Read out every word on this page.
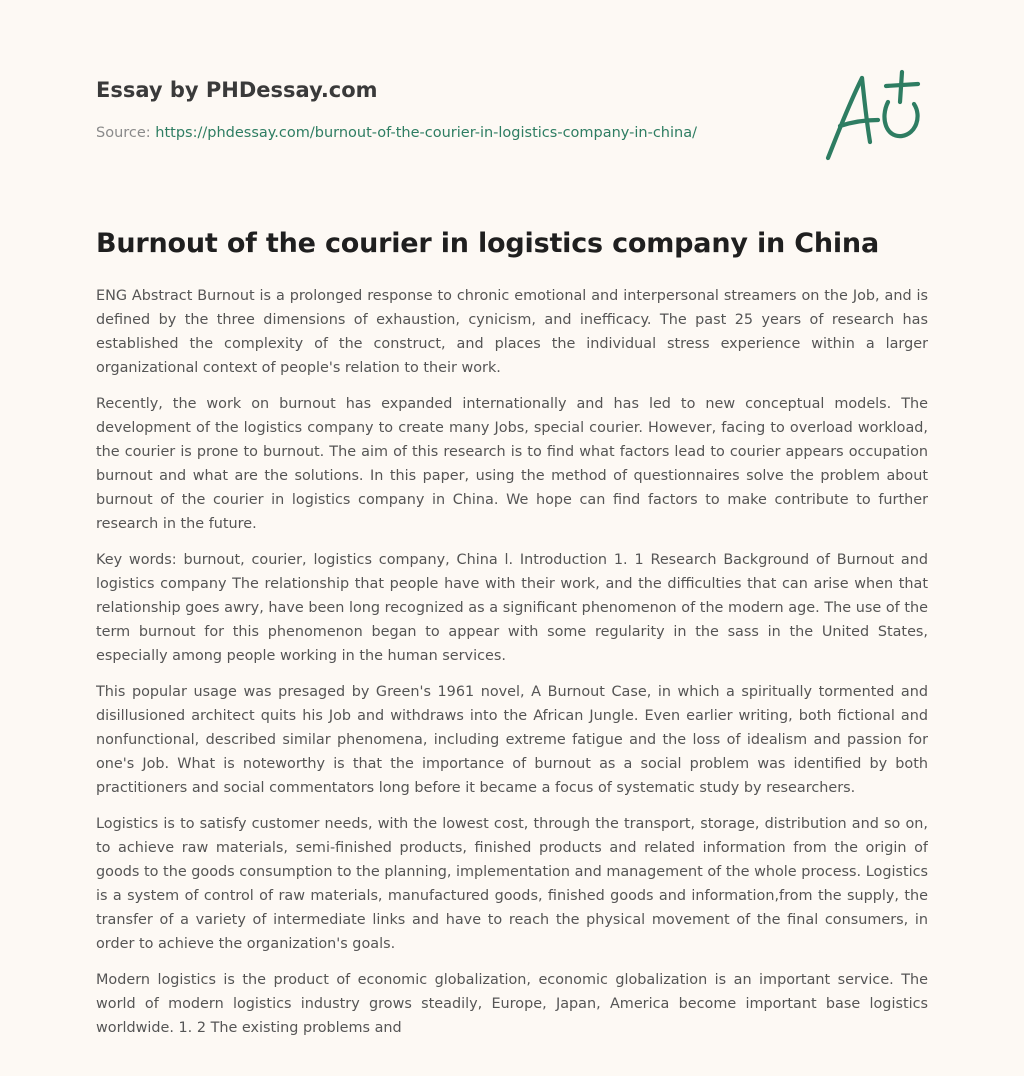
Essay by PHDessay.com
Source: https://phdessay.com/burnout-of-the-courier-in-logistics-company-in-china/
Burnout of the courier in logistics company in China

ENG Abstract Burnout is a prolonged response to chronic emotional and interpersonal streamers on the Job, and is defined by the three dimensions of exhaustion, cynicism, and inefficacy. The past 25 years of research has established the complexity of the construct, and places the individual stress experience within a larger organizational context of people's relation to their work.

Recently, the work on burnout has expanded internationally and has led to new conceptual models. The development of the logistics company to create many Jobs, special courier. However, facing to overload workload, the courier is prone to burnout. The aim of this research is to find what factors lead to courier appears occupation burnout and what are the solutions. In this paper, using the method of questionnaires solve the problem about burnout of the courier in logistics company in China. We hope can find factors to make contribute to further research in the future.

Key words: burnout, courier, logistics company, China l. Introduction 1. 1 Research Background of Burnout and logistics company The relationship that people have with their work, and the difficulties that can arise when that relationship goes awry, have been long recognized as a significant phenomenon of the modern age. The use of the term burnout for this phenomenon began to appear with some regularity in the sass in the United States, especially among people working in the human services.

This popular usage was presaged by Green's 1961 novel, A Burnout Case, in which a spiritually tormented and disillusioned architect quits his Job and withdraws into the African Jungle. Even earlier writing, both fictional and nonfunctional, described similar phenomena, including extreme fatigue and the loss of idealism and passion for one's Job. What is noteworthy is that the importance of burnout as a social problem was identified by both practitioners and social commentators long before it became a focus of systematic study by researchers.

Logistics is to satisfy customer needs, with the lowest cost, through the transport, storage, distribution and so on, to achieve raw materials, semi-finished products, finished products and related information from the origin of goods to the goods consumption to the planning, implementation and management of the whole process. Logistics is a system of control of raw materials, manufactured goods, finished goods and information,from the supply, the transfer of a variety of intermediate links and have to reach the physical movement of the final consumers, in order to achieve the organization's goals.

Modern logistics is the product of economic globalization, economic globalization is an important service. The world of modern logistics industry grows steadily, Europe, Japan, America become important base logistics worldwide. 1. 2 The existing problems and
